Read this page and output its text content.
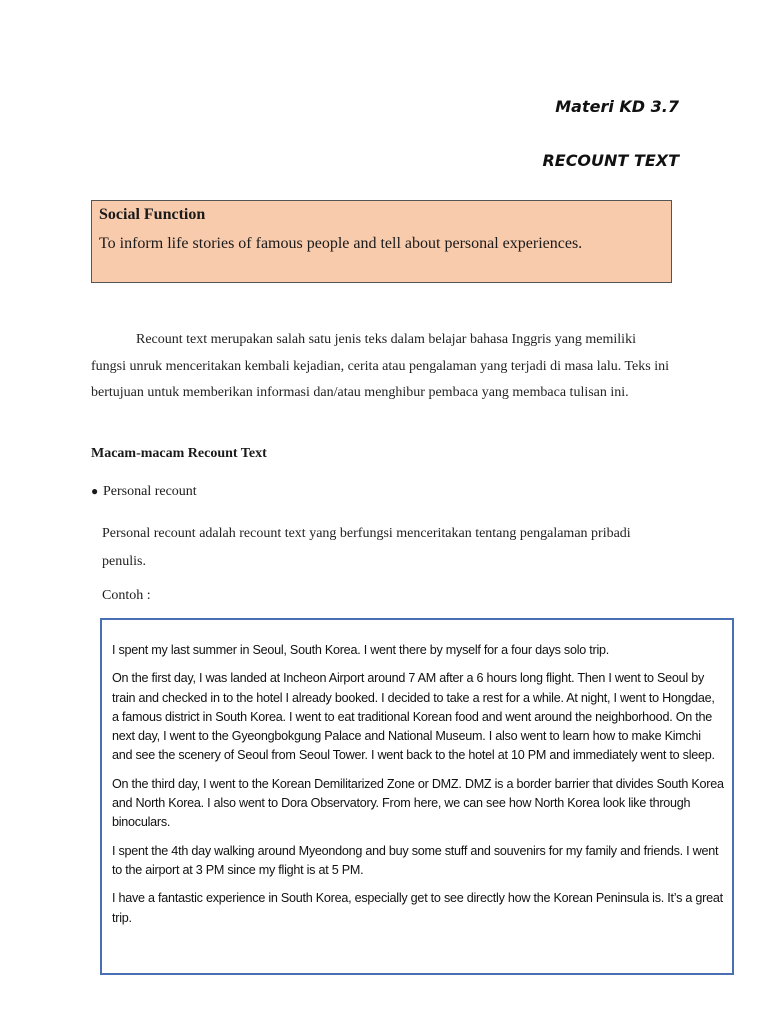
Materi KD 3.7
RECOUNT TEXT
Social Function
To inform life stories of famous people and tell about personal experiences.
Recount text merupakan salah satu jenis teks dalam belajar bahasa Inggris yang memiliki fungsi unruk menceritakan kembali kejadian, cerita atau pengalaman yang terjadi di masa lalu. Teks ini bertujuan untuk memberikan informasi dan/atau menghibur pembaca yang membaca tulisan ini.
Macam-macam Recount Text
● Personal recount
Personal recount adalah recount text yang berfungsi menceritakan tentang pengalaman pribadi penulis.
Contoh :

I spent my last summer in Seoul, South Korea. I went there by myself for a four days solo trip.

On the first day, I was landed at Incheon Airport around 7 AM after a 6 hours long flight. Then I went to Seoul by train and checked in to the hotel I already booked. I decided to take a rest for a while. At night, I went to Hongdae, a famous district in South Korea. I went to eat traditional Korean food and went around the neighborhood. On the next day, I went to the Gyeongbokgung Palace and National Museum. I also went to learn how to make Kimchi and see the scenery of Seoul from Seoul Tower. I went back to the hotel at 10 PM and immediately went to sleep.

On the third day, I went to the Korean Demilitarized Zone or DMZ. DMZ is a border barrier that divides South Korea and North Korea. I also went to Dora Observatory. From here, we can see how North Korea look like through binoculars.

I spent the 4th day walking around Myeondong and buy some stuff and souvenirs for my family and friends. I went to the airport at 3 PM since my flight is at 5 PM.

I have a fantastic experience in South Korea, especially get to see directly how the Korean Peninsula is. It’s a great trip.
